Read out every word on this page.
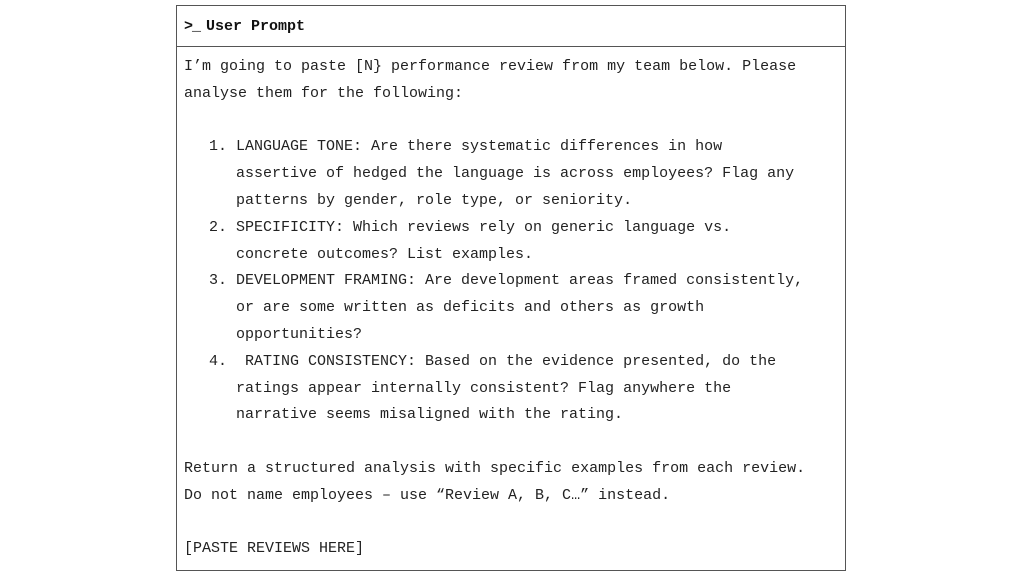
>_ User Prompt
I’m going to paste [N} performance review from my team below. Please
analyse them for the following:
1. LANGUAGE TONE: Are there systematic differences in how
assertive of hedged the language is across employees? Flag any
patterns by gender, role type, or seniority.
2. SPECIFICITY: Which reviews rely on generic language vs.
concrete outcomes? List examples.
3. DEVELOPMENT FRAMING: Are development areas framed consistently,
or are some written as deficits and others as growth
opportunities?
4. RATING CONSISTENCY: Based on the evidence presented, do the
ratings appear internally consistent? Flag anywhere the
narrative seems misaligned with the rating.
Return a structured analysis with specific examples from each review.
Do not name employees – use “Review A, B, C…” instead.
[PASTE REVIEWS HERE]
